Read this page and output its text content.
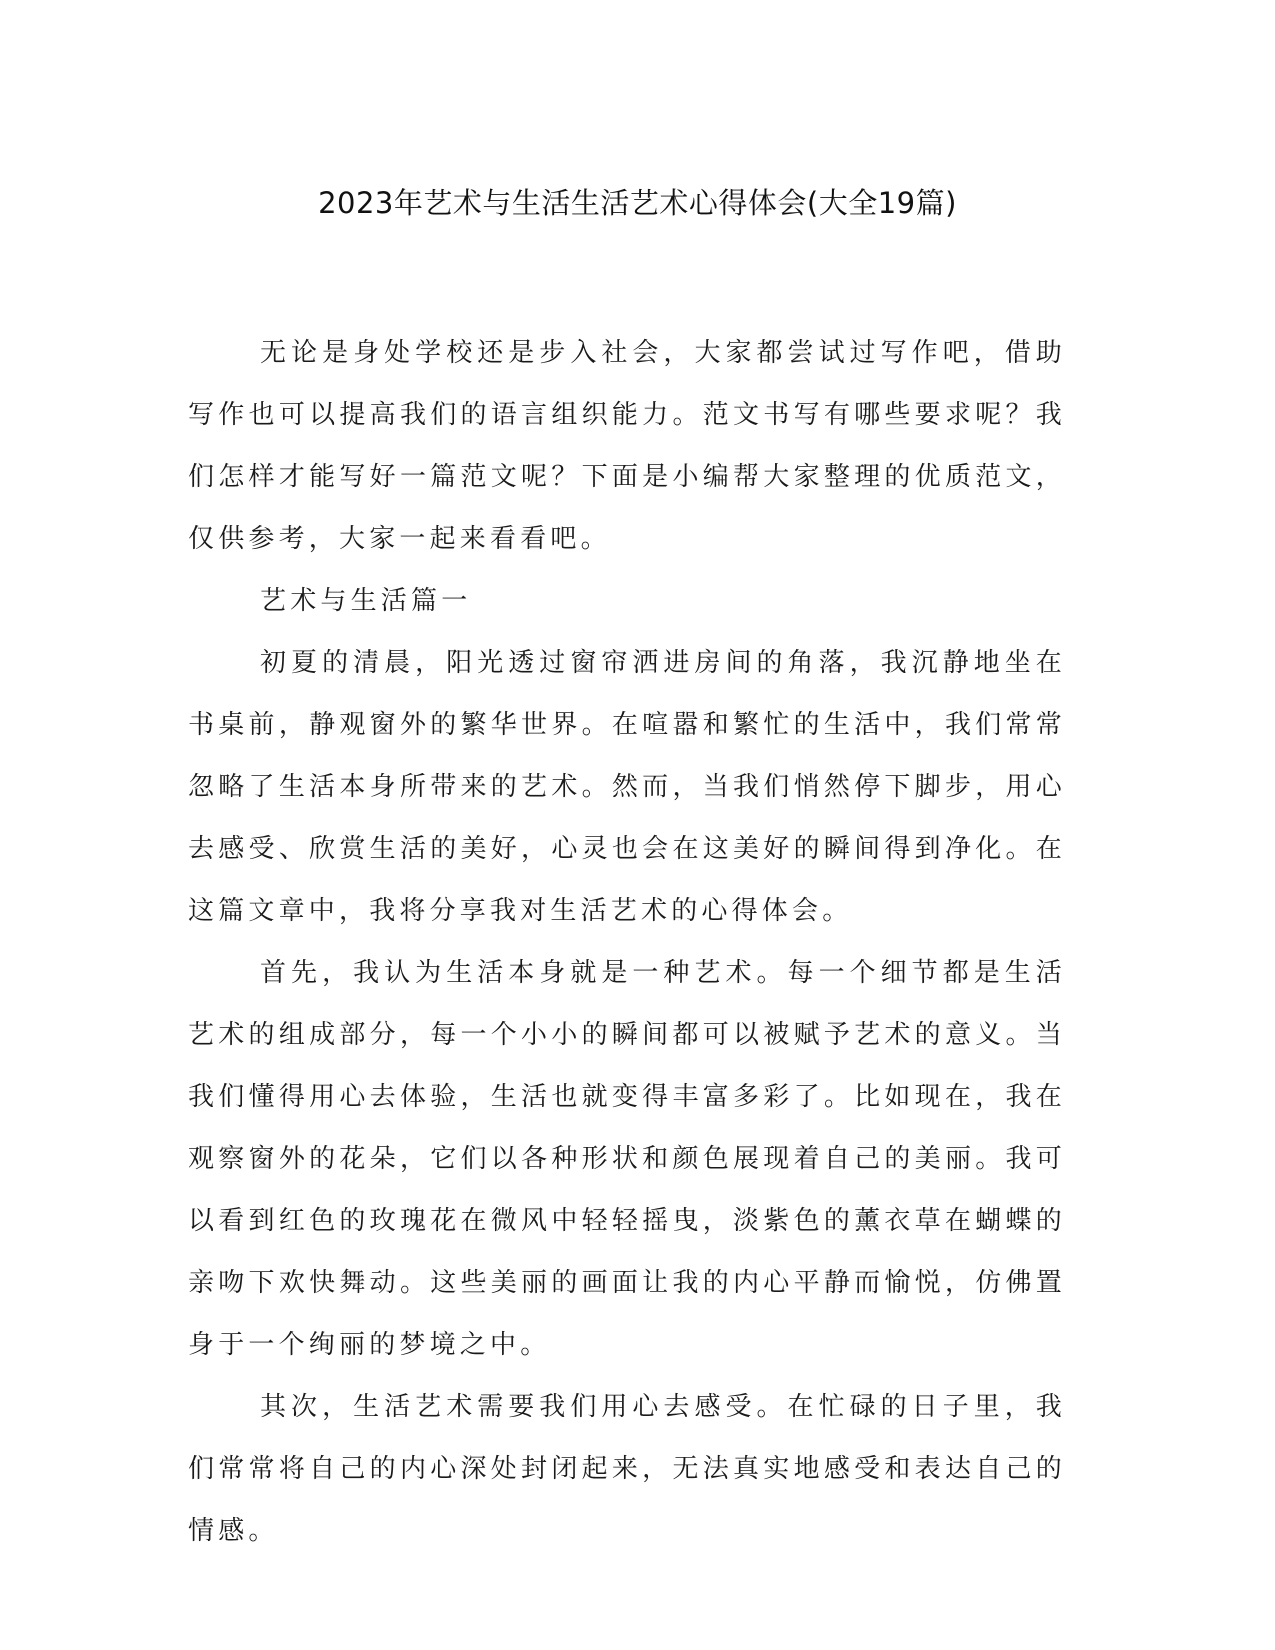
2023年艺术与生活生活艺术心得体会(大全19篇)

无论是身处学校还是步入社会，大家都尝试过写作吧，借助写作也可以提高我们的语言组织能力。范文书写有哪些要求呢？我们怎样才能写好一篇范文呢？下面是小编帮大家整理的优质范文，仅供参考，大家一起来看看吧。

艺术与生活篇一

初夏的清晨，阳光透过窗帘洒进房间的角落，我沉静地坐在书桌前，静观窗外的繁华世界。在喧嚣和繁忙的生活中，我们常常忽略了生活本身所带来的艺术。然而，当我们悄然停下脚步，用心去感受、欣赏生活的美好，心灵也会在这美好的瞬间得到净化。在这篇文章中，我将分享我对生活艺术的心得体会。

首先，我认为生活本身就是一种艺术。每一个细节都是生活艺术的组成部分，每一个小小的瞬间都可以被赋予艺术的意义。当我们懂得用心去体验，生活也就变得丰富多彩了。比如现在，我在观察窗外的花朵，它们以各种形状和颜色展现着自己的美丽。我可以看到红色的玫瑰花在微风中轻轻摇曳，淡紫色的薰衣草在蝴蝶的亲吻下欢快舞动。这些美丽的画面让我的内心平静而愉悦，仿佛置身于一个绚丽的梦境之中。

其次，生活艺术需要我们用心去感受。在忙碌的日子里，我们常常将自己的内心深处封闭起来，无法真实地感受和表达自己的情感。
